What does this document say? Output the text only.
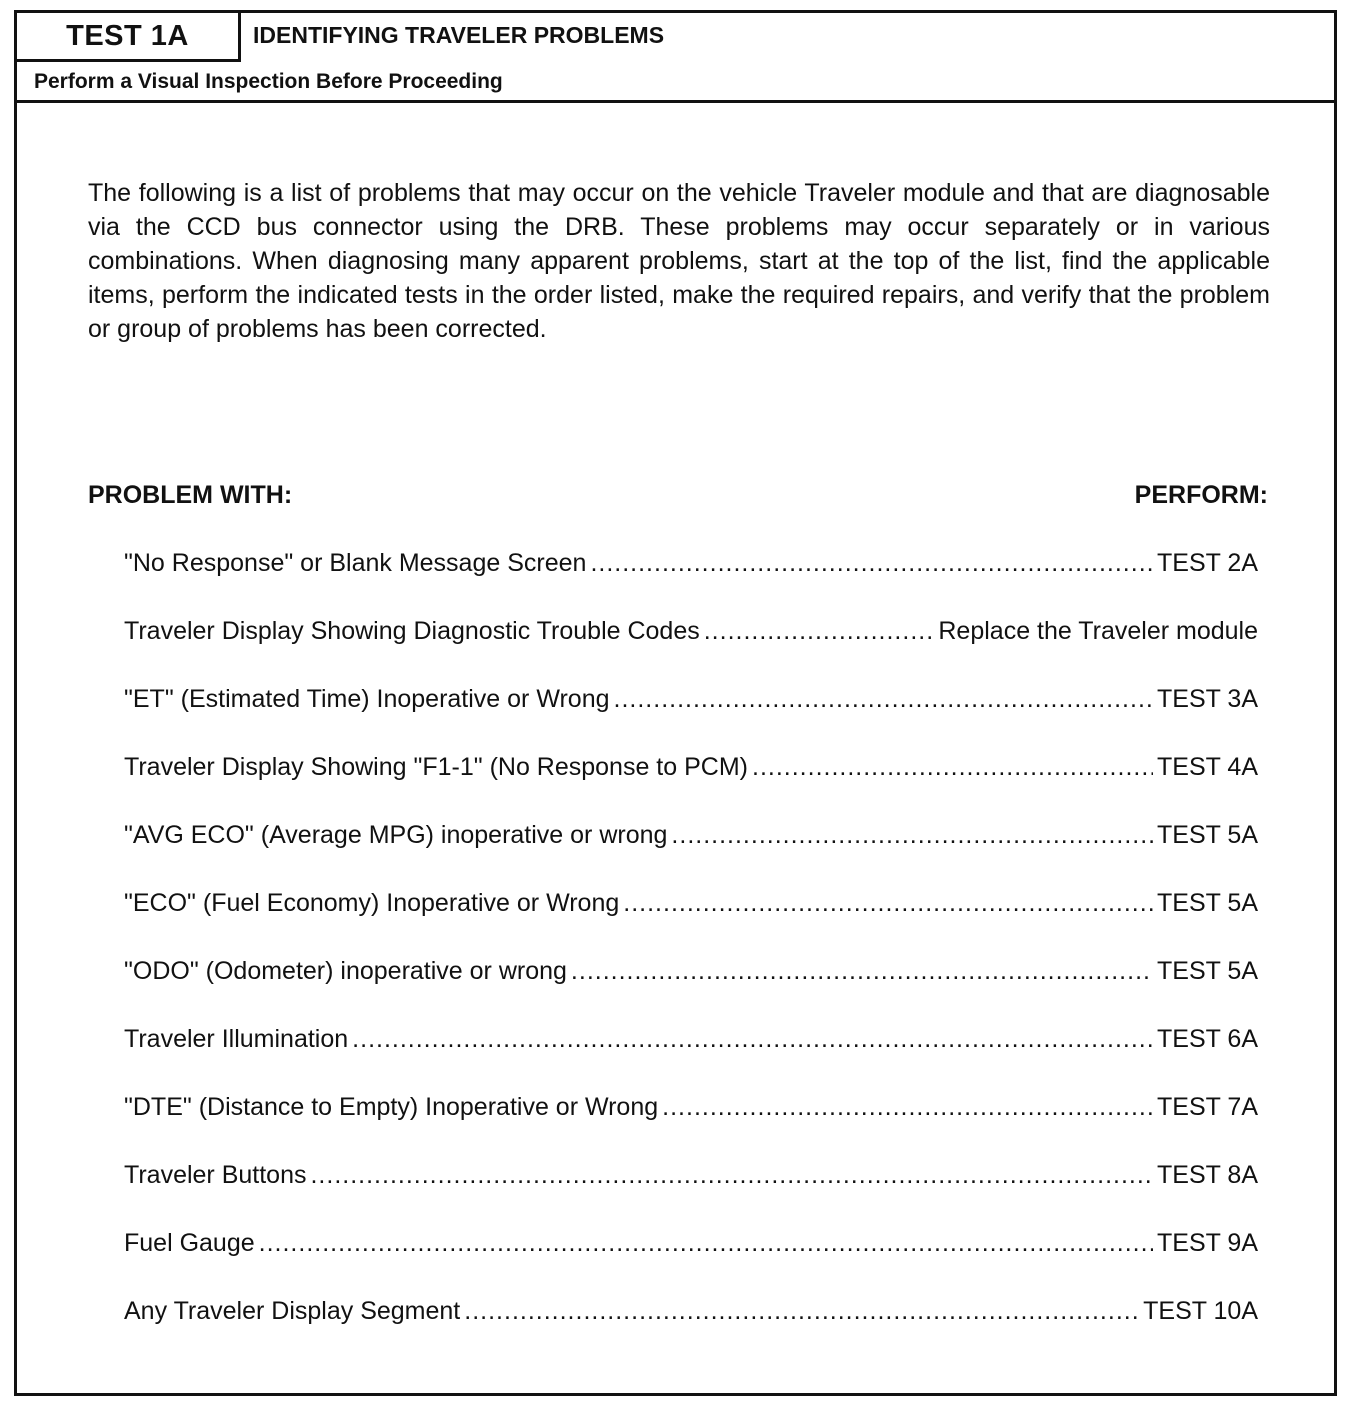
TEST 1A	IDENTIFYING TRAVELER PROBLEMS
Perform a Visual Inspection Before Proceeding

The following is a list of problems that may occur on the vehicle Traveler module and that are diagnosable via the CCD bus connector using the DRB. These problems may occur separately or in various combinations. When diagnosing many apparent problems, start at the top of the list, find the applicable items, perform the indicated tests in the order listed, make the required repairs, and verify that the problem or group of problems has been corrected.

PROBLEM WITH:	PERFORM:
"No Response" or Blank Message Screen .....	TEST 2A
Traveler Display Showing Diagnostic Trouble Codes .....	Replace the Traveler module
"ET" (Estimated Time) Inoperative or Wrong .....	TEST 3A
Traveler Display Showing "F1-1" (No Response to PCM) .....	TEST 4A
"AVG ECO" (Average MPG) inoperative or wrong .....	TEST 5A
"ECO" (Fuel Economy) Inoperative or Wrong .....	TEST 5A
"ODO" (Odometer) inoperative or wrong .....	TEST 5A
Traveler Illumination .....	TEST 6A
"DTE" (Distance to Empty) Inoperative or Wrong .....	TEST 7A
Traveler Buttons .....	TEST 8A
Fuel Gauge .....	TEST 9A
Any Traveler Display Segment .....	TEST 10A
